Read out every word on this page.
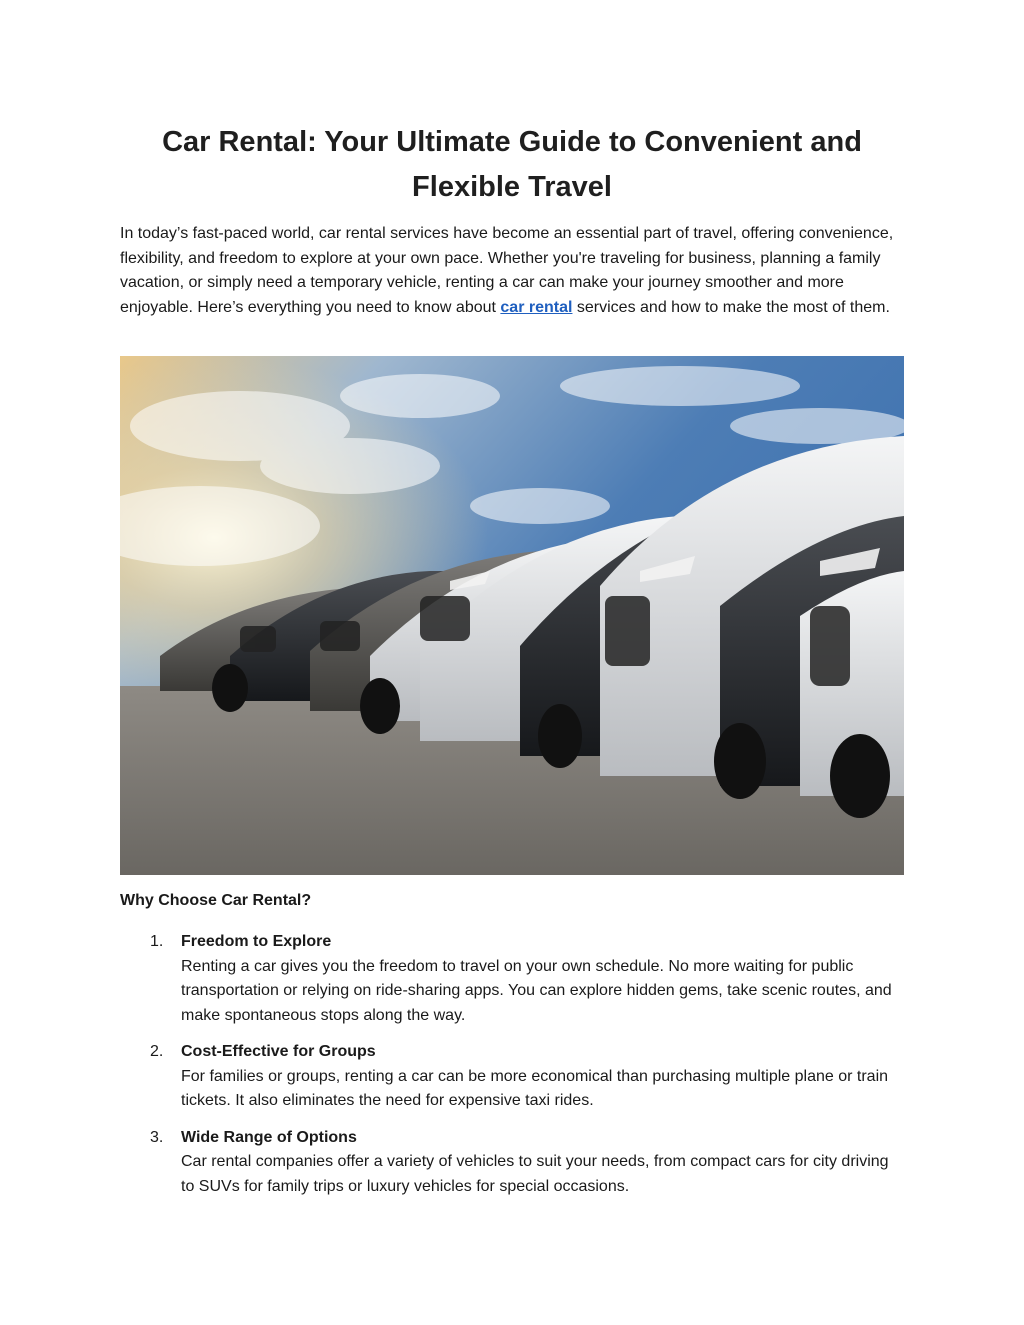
Car Rental: Your Ultimate Guide to Convenient and Flexible Travel

In today’s fast-paced world, car rental services have become an essential part of travel, offering convenience, flexibility, and freedom to explore at your own pace. Whether you're traveling for business, planning a family vacation, or simply need a temporary vehicle, renting a car can make your journey smoother and more enjoyable. Here’s everything you need to know about car rental services and how to make the most of them.

Why Choose Car Rental?

1. Freedom to Explore
Renting a car gives you the freedom to travel on your own schedule. No more waiting for public transportation or relying on ride-sharing apps. You can explore hidden gems, take scenic routes, and make spontaneous stops along the way.
2. Cost-Effective for Groups
For families or groups, renting a car can be more economical than purchasing multiple plane or train tickets. It also eliminates the need for expensive taxi rides.
3. Wide Range of Options
Car rental companies offer a variety of vehicles to suit your needs, from compact cars for city driving to SUVs for family trips or luxury vehicles for special occasions.
